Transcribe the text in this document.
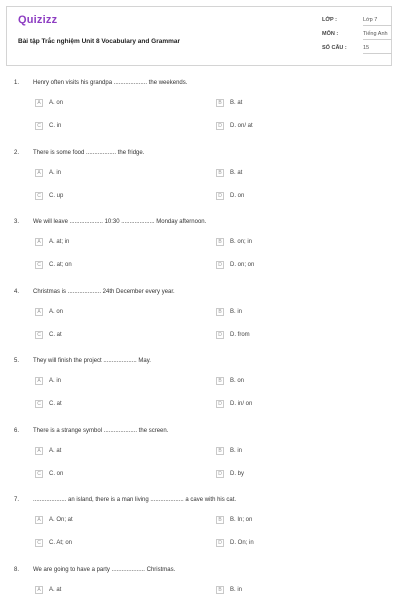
Quizizz
Bài tập Trắc nghiệm Unit 8 Vocabulary and Grammar
LỚP :	Lớp 7
MÔN :	Tiếng Anh
SỐ CÂU :	15
1. Henry often visits his grandpa .................... the weekends.
A A. on	B B. at
C C. in	D D. on/ at
2. There is some food .................. the fridge.
A A. in	B B. at
C C. up	D D. on
3. We will leave .................... 10:30 .................... Monday afternoon.
A A. at; in	B B. on; in
C C. at; on	D D. on; on
4. Christmas is .................... 24th December every year.
A A. on	B B. in
C C. at	D D. from
5. They will finish the project .................... May.
A A. in	B B. on
C C. at	D D. in/ on
6. There is a strange symbol .................... the screen.
A A. at	B B. in
C C. on	D D. by
7. .................... an island, there is a man living .................... a cave with his cat.
A A. On; at	B B. In; on
C C. At; on	D D. On; in
8. We are going to have a party .................... Christmas.
A A. at	B B. in
